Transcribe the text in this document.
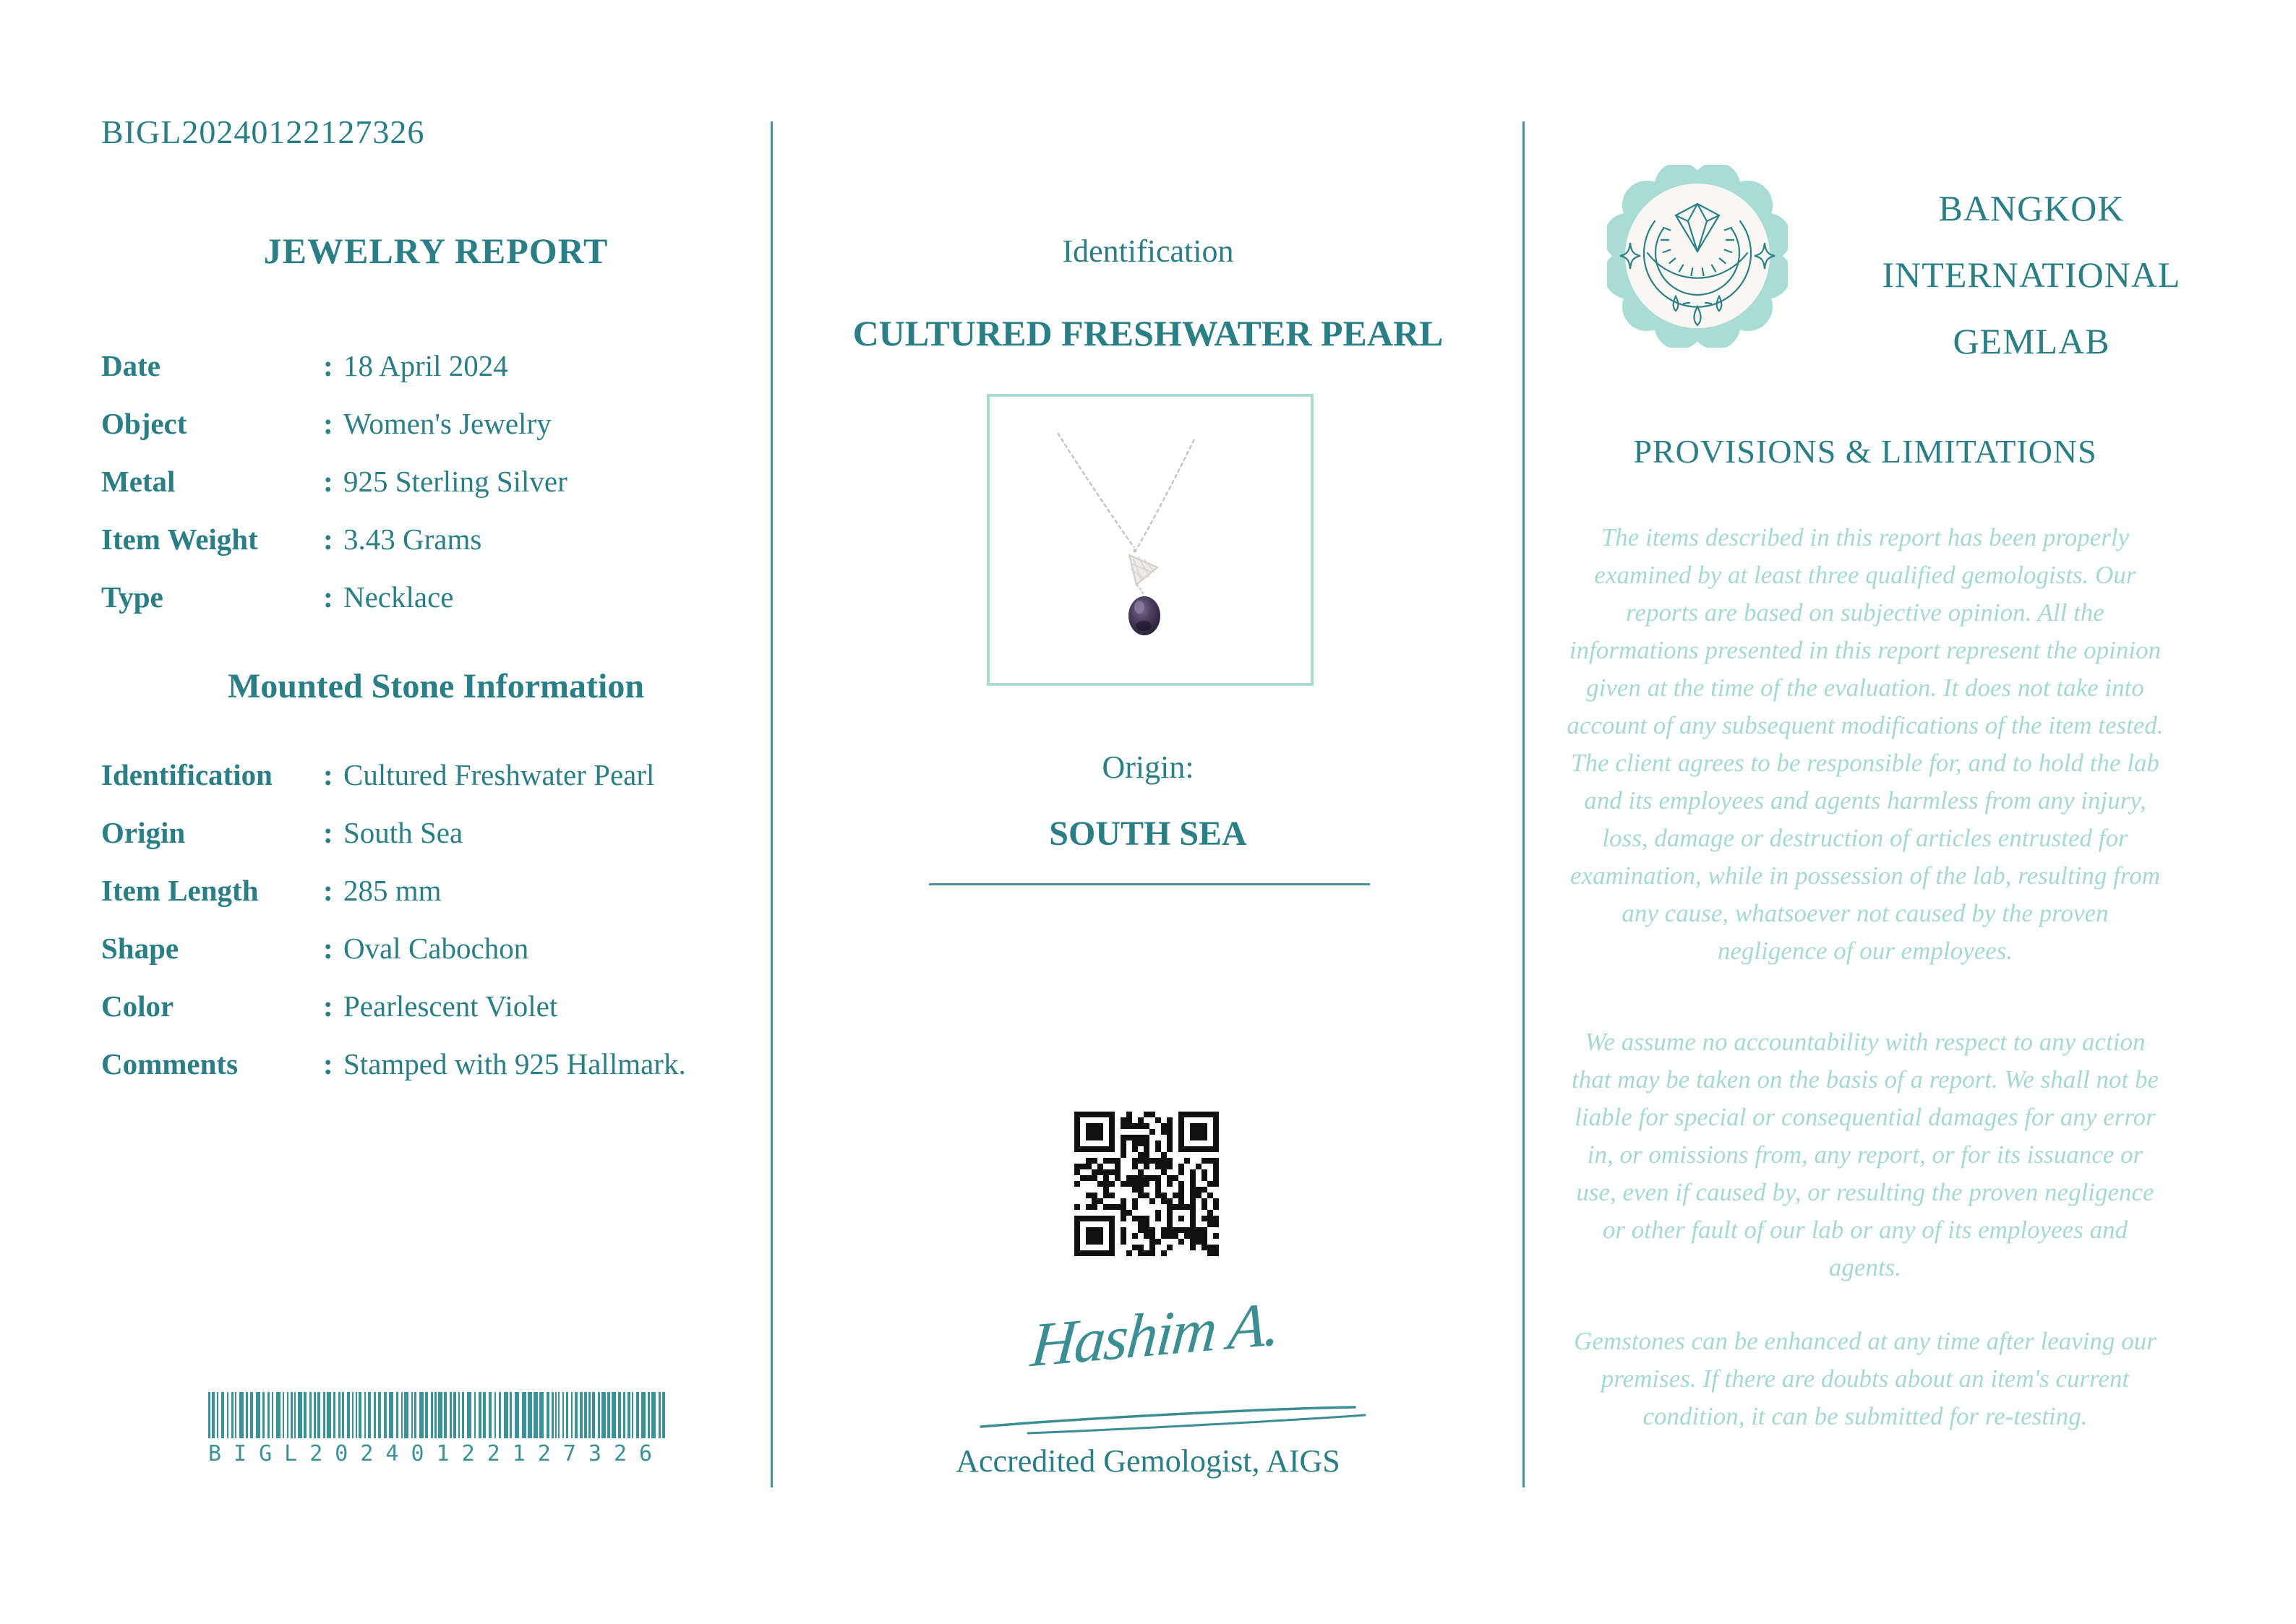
BIGL20240122127326
JEWELRY REPORT
Date	: 18 April 2024
Object	: Women's Jewelry
Metal	: 925 Sterling Silver
Item Weight : 3.43 Grams
Type	: Necklace
Mounted Stone Information
Identification : Cultured Freshwater Pearl
Origin	: South Sea
Item Length : 285 mm
Shape	: Oval Cabochon
Color	: Pearlescent Violet
Comments	: Stamped with 925 Hallmark.
BIGL20240122127326
Identification
CULTURED FRESHWATER PEARL
Origin:
SOUTH SEA
Hashim A.
Accredited Gemologist, AIGS
BANGKOK
INTERNATIONAL
GEMLAB
PROVISIONS & LIMITATIONS
The items described in this report has been properly examined by at least three qualified gemologists. Our reports are based on subjective opinion. All the informations presented in this report represent the opinion given at the time of the evaluation. It does not take into account of any subsequent modifications of the item tested.
The client agrees to be responsible for, and to hold the lab and its employees and agents harmless from any injury, loss, damage or destruction of articles entrusted for examination, while in possession of the lab, resulting from any cause, whatsoever not caused by the proven negligence of our employees.
We assume no accountability with respect to any action that may be taken on the basis of a report. We shall not be liable for special or consequential damages for any error in, or omissions from, any report, or for its issuance or use, even if caused by, or resulting the proven negligence or other fault of our lab or any of its employees and agents.
Gemstones can be enhanced at any time after leaving our premises. If there are doubts about an item's current condition, it can be submitted for re-testing.
